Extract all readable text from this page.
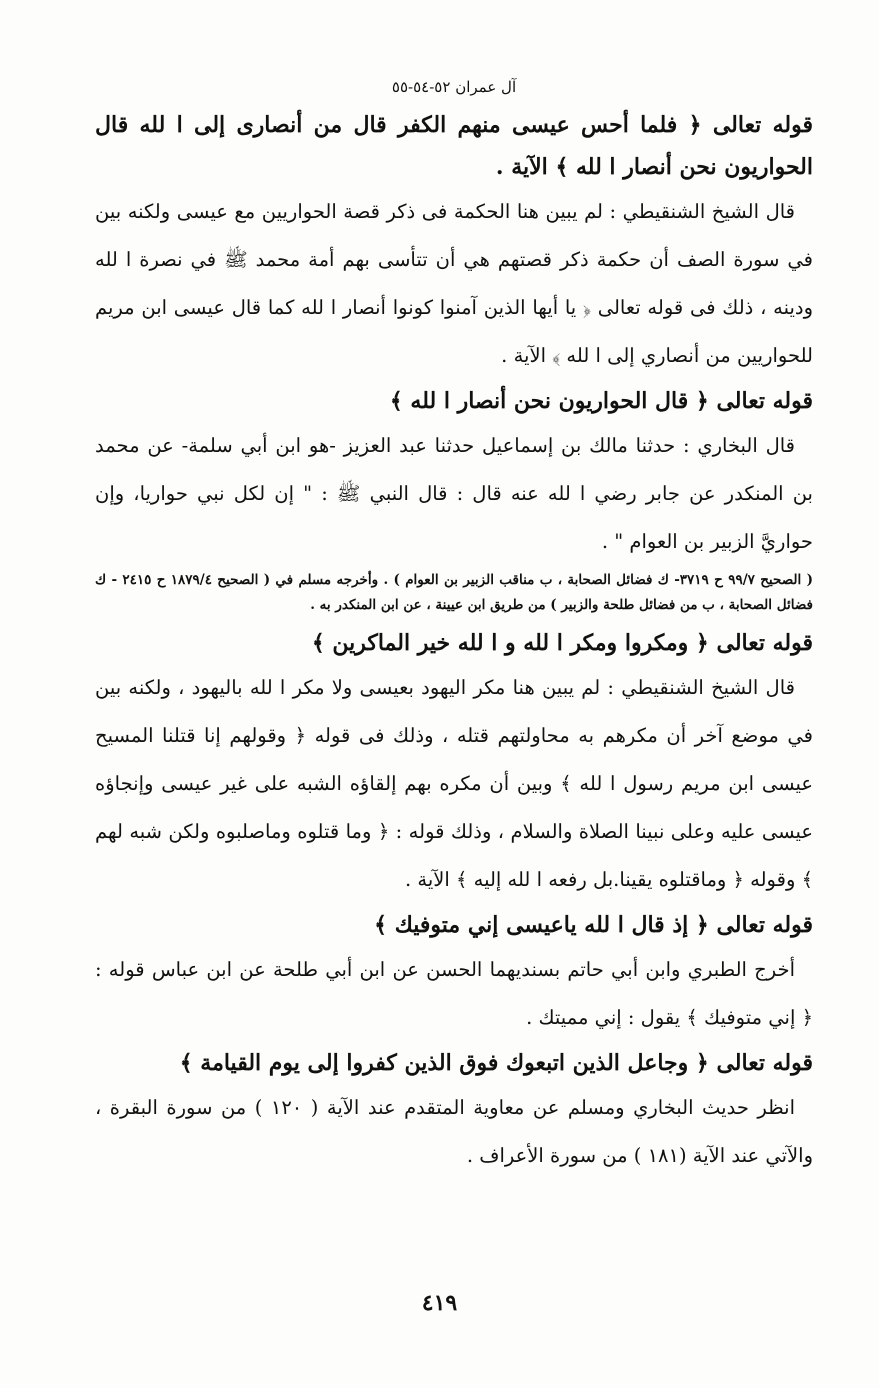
آل عمران ٥٢-٥٤-٥٥

قوله تعالى ﴿ فلما أحس عيسى منهم الكفر قال من أنصارى إلى ا لله قال الحواريون نحن أنصار ا لله ﴾ الآية .

قال الشيخ الشنقيطي : لم يبين هنا الحكمة فى ذكر قصة الحواريين مع عيسى ولكنه بين في سورة الصف أن حكمة ذكر قصتهم هي أن تتأسى بهم أمة محمد ﷺ في نصرة ا لله ودينه ، ذلك فى قوله تعالى ﴿ يا أيها الذين آمنوا كونوا أنصار ا لله كما قال عيسى ابن مريم للحواريين من أنصاري إلى ا لله ﴾ الآية .

قوله تعالى ﴿ قال الحواريون نحن أنصار ا لله ﴾

قال البخاري : حدثنا مالك بن إسماعيل حدثنا عبد العزيز -هو ابن أبي سلمة- عن محمد بن المنكدر عن جابر رضي ا لله عنه قال : قال النبي ﷺ : " إن لكل نبي حواريا، وإن حواريَّ الزبير بن العوام " .

( الصحيح ٩٩/٧ ح ٣٧١٩- ك فضائل الصحابة ، ب مناقب الزبير بن العوام ) . وأخرجه مسلم في ( الصحيح ١٨٧٩/٤ ح ٢٤١٥ - ك فضائل الصحابة ، ب من فضائل طلحة والزبير ) من طريق ابن عيينة ، عن ابن المنكدر به .

قوله تعالى ﴿ ومكروا ومكر ا لله و ا لله خير الماكرين ﴾

قال الشيخ الشنقيطي : لم يبين هنا مكر اليهود بعيسى ولا مكر ا لله باليهود ، ولكنه بين في موضع آخر أن مكرهم به محاولتهم قتله ، وذلك فى قوله ﴿ وقولهم إنا قتلنا المسيح عيسى ابن مريم رسول ا لله ﴾ وبين أن مكره بهم إلقاؤه الشبه على غير عيسى وإنجاؤه عيسى عليه وعلى نبينا الصلاة والسلام ، وذلك قوله : ﴿ وما قتلوه وماصلبوه ولكن شبه لهم ﴾ وقوله ﴿ وماقتلوه يقينا.بل رفعه ا لله إليه ﴾ الآية .

قوله تعالى ﴿ إذ قال ا لله ياعيسى إني متوفيك ﴾

أخرج الطبري وابن أبي حاتم بسنديهما الحسن عن ابن أبي طلحة عن ابن عباس قوله : ﴿ إني متوفيك ﴾ يقول : إني مميتك .

قوله تعالى ﴿ وجاعل الذين اتبعوك فوق الذين كفروا إلى يوم القيامة ﴾

انظر حديث البخاري ومسلم عن معاوية المتقدم عند الآية ( ١٢٠ ) من سورة البقرة ، والآتي عند الآية (١٨١ ) من سورة الأعراف .

٤١٩
